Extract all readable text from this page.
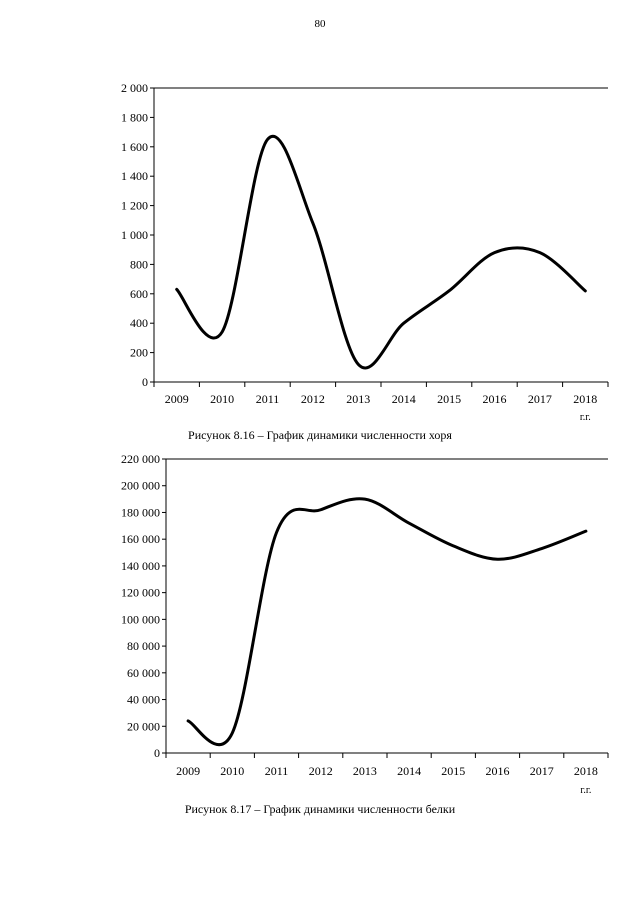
80
0
200
400
600
800
1 000
1 200
1 400
1 600
1 800
2 000
2009 2010 2011 2012 2013 2014 2015 2016 2017 2018
г.г.
0
20 000
40 000
60 000
80 000
100 000
120 000
140 000
160 000
180 000
200 000
220 000
2009 2010 2011 2012 2013 2014 2015 2016 2017 2018
г.г.
Рисунок 8.16 – График динамики численности хоря
Рисунок 8.17 – График динамики численности белки
